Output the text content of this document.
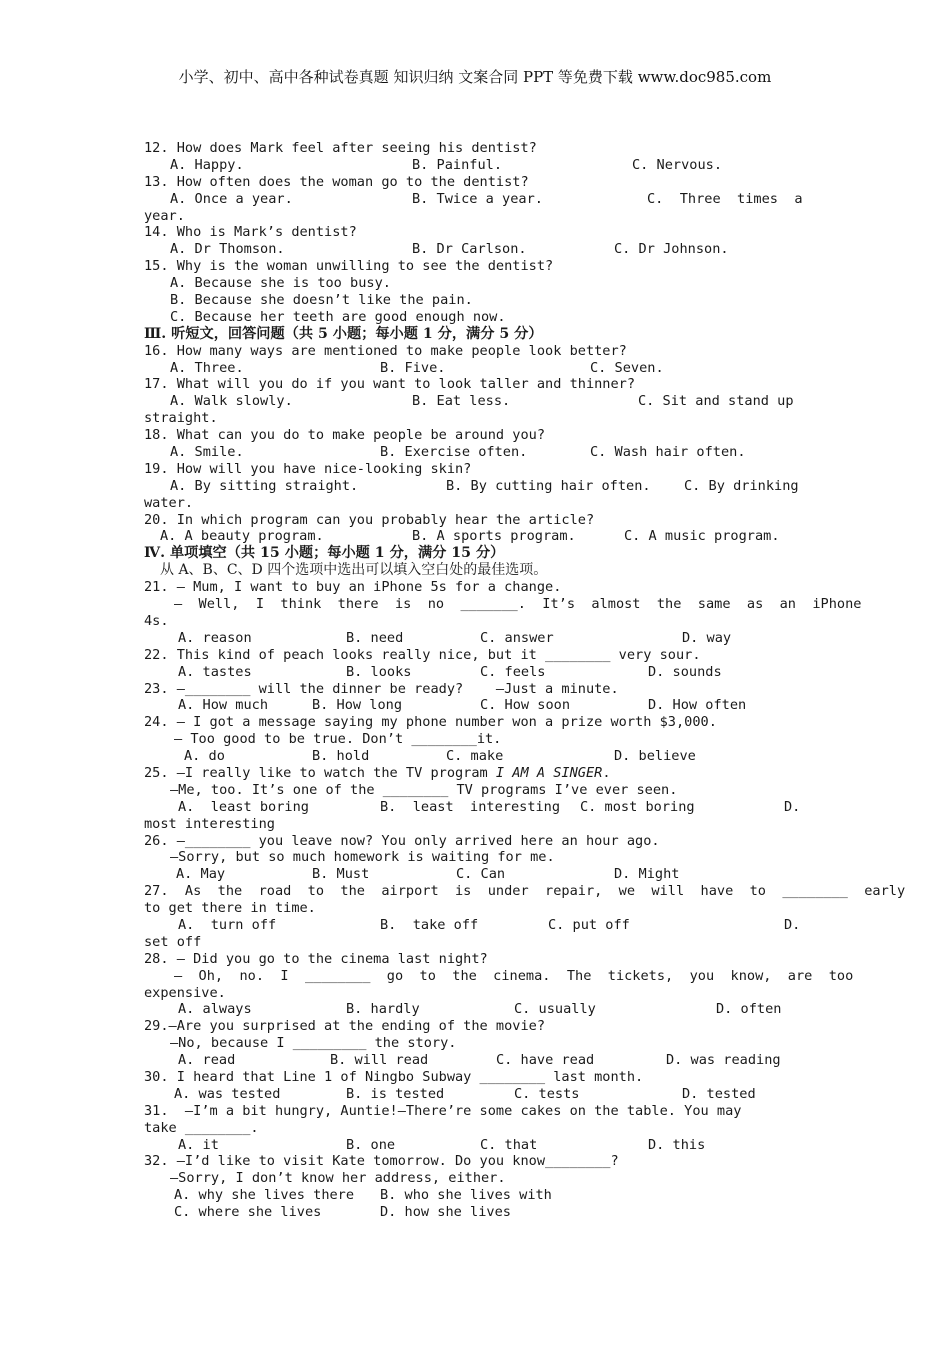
小学、初中、高中各种试卷真题 知识归纳 文案合同 PPT 等免费下载 www.doc985.com
12. How does Mark feel after seeing his dentist?

A. Happy.

	B. Painful.

	C. Nervous.

13. How often does the woman go to the dentist?

A. Once a year.

	B. Twice a year.

	C.  Three  times  a

year.
14. Who is Mark’s dentist?

A. Dr Thomson.

	B. Dr Carlson.

	C. Dr Johnson.

15. Why is the woman unwilling to see the dentist?
A. Because she is too busy.
B. Because she doesn’t like the pain.
C. Because her teeth are good enough now.
Ⅲ. 听短文，回答问题（共 5 小题；每小题 1 分，满分 5 分）
16. How many ways are mentioned to make people look better?

A. Three.

	B. Five.

	C. Seven.

17. What will you do if you want to look taller and thinner?

A. Walk slowly.

	B. Eat less.

	C. Sit and stand up

straight.
18. What can you do to make people be around you?

A. Smile.

	B. Exercise often.

	C. Wash hair often.

19. How will you have nice-looking skin?

A. By sitting straight.

	B. By cutting hair often.

C. By drinking

water.
20. In which program can you probably hear the article?

A. A beauty program.

	B. A sports program.

	C. A music program.

Ⅳ. 单项填空（共 15 小题；每小题 1 分，满分 15 分）
从 A、B、C、D 四个选项中选出可以填入空白处的最佳选项。
21. — Mum, I want to buy an iPhone 5s for a change.
—  Well,  I  think  there  is  no  _______.  It’s  almost  the  same  as  an  iPhone
4s.

A. reason

	B. need

	C. answer

	D. way

22. This kind of peach looks really nice, but it ________ very sour.

A. tastes

	B. looks

	C. feels

	D. sounds

23. —________ will the dinner be ready?    —Just a minute.

A. How much

	B. How long

	C. How soon

	D. How often

24. — I got a message saying my phone number won a prize worth $3,000.
— Too good to be true. Don’t ________it.

A. do

	B. hold

	C. make

	D. believe

25. —I really like to watch the TV program I AM A SINGER.
—Me, too. It’s one of the ________ TV programs I’ve ever seen.

A.  least boring

	B.  least  interesting

C. most boring

	D.

most interesting
26. —________ you leave now? You only arrived here an hour ago.
—Sorry, but so much homework is waiting for me.

A. May

	B. Must

	C. Can

	D. Might

27.  As  the  road  to  the  airport  is  under  repair,  we  will  have  to  ________  early
to get there in time.

A.  turn off

	B.  take off

	C. put off

	D.

set off
28. — Did you go to the cinema last night?
—  Oh,  no.  I  ________  go  to  the  cinema.  The  tickets,  you  know,  are  too
expensive.

A. always

	B. hardly

	C. usually

	D. often

29.—Are you surprised at the ending of the movie?
—No, because I _________ the story.

A. read

	B. will read

	C. have read

	D. was reading

30. I heard that Line 1 of Ningbo Subway ________ last month.

A. was tested

	B. is tested

	C. tests

	D. tested

31.  —I’m a bit hungry, Auntie!—There’re some cakes on the table. You may
take ________.

A. it

	B. one

	C. that

	D. this

32. —I’d like to visit Kate tomorrow. Do you know________?
—Sorry, I don’t know her address, either.

A. why she lives there

B. who she lives with

C. where she lives

	D. how she lives
